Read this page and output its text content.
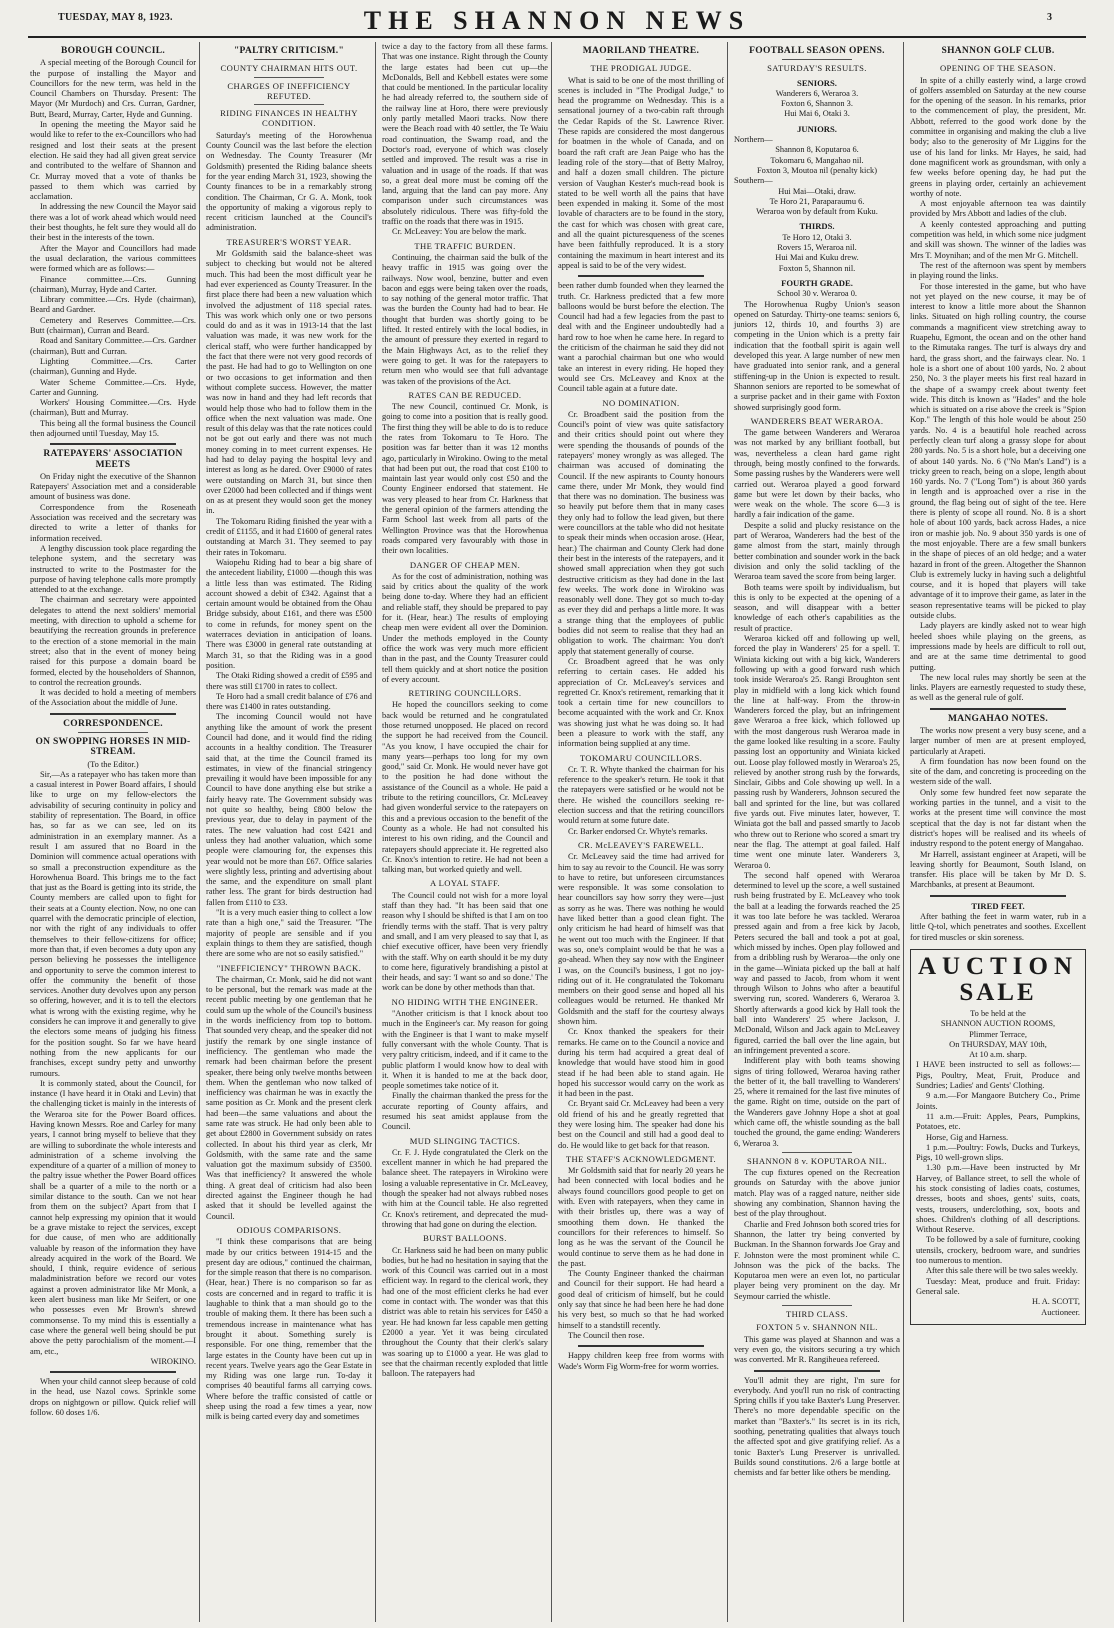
TUESDAY, MAY 8, 1923.	THE SHANNON NEWS	3
BOROUGH COUNCIL.

A special meeting of the Borough Council for the purpose of installing the Mayor and Councillors for the new term, was held in the Council Chambers on Thursday. Present: The Mayor (Mr Murdoch) and Crs. Curran, Gardner, Butt, Beard, Murray, Carter, Hyde and Gunning.

In opening the meeting the Mayor said he would like to refer to the ex-Councillors who had resigned and lost their seats at the present election. He said they had all given great service and contributed to the welfare of Shannon and Cr. Murray moved that a vote of thanks be passed to them which was carried by acclamation.

In addressing the new Council the Mayor said there was a lot of work ahead which would need their best thoughts, he felt sure they would all do their best in the interests of the town.

After the Mayor and Councillors had made the usual declaration, the various committees were formed which are as follows:—

Finance committee.—Crs. Gunning (chairman), Murray, Hyde and Carter.

Library committee.—Crs. Hyde (chairman), Beard and Gardner.

Cemetery and Reserves Committee.—Crs. Butt (chairman), Curran and Beard.

Road and Sanitary Committee.—Crs. Gardner (chairman), Butt and Curran.

Lighting Committee.—Crs. Carter (chairman), Gunning and Hyde.

Water Scheme Committee.—Crs. Hyde, Carter and Gunning.

Workers' Housing Committee.—Crs. Hyde (chairman), Butt and Murray.

This being all the formal business the Council then adjourned until Tuesday, May 15.

RATEPAYERS' ASSOCIATION MEETS

On Friday night the executive of the Shannon Ratepayers' Association met and a considerable amount of business was done.

Correspondence from the Roseneath Association was received and the secretary was directed to write a letter of thanks for information received.

A lengthy discussion took place regarding the telephone system, and the secretary was instructed to write to the Postmaster for the purpose of having telephone calls more promptly attended to at the exchange.

The chairman and secretary were appointed delegates to attend the next soldiers' memorial meeting, with direction to uphold a scheme for beautifying the recreation grounds in preference to the erection of a stone memorial in the main street; also that in the event of money being raised for this purpose a domain board be formed, elected by the householders of Shannon, to control the recreation grounds.

It was decided to hold a meeting of members of the Association about the middle of June.

CORRESPONDENCE.
ON SWOPPING HORSES IN MID-STREAM.

(To the Editor.)

Sir,—As a ratepayer who has taken more than a casual interest in Power Board affairs, I should like to urge on my fellow-electors the advisability of securing continuity in policy and stability of representation. The Board, in office has, so far as we can see, led on its administration in an exemplary manner. As a result I am assured that no Board in the Dominion will commence actual operations with so small a preconstruction expenditure as the Horowhenua Board. This brings me to the fact that just as the Board is getting into its stride, the County members are called upon to fight for their seats at a County election. Now, no one can quarrel with the democratic principle of election, nor with the right of any individuals to offer themselves to their fellow-citizens for office; more than that, if even becomes a duty upon any person believing he possesses the intelligence and opportunity to serve the common interest to offer the community the benefit of those services. Another duty devolves upon any person so offering, however, and it is to tell the electors what is wrong with the existing regime, why he considers he can improve it and generally to give the electors some means of judging his fitness for the position sought. So far we have heard nothing from the new applicants for our franchises, except sundry petty and unworthy rumours.

It is commonly stated, about the Council, for instance (I have heard it in Otaki and Levin) that the challenging ticket is mainly in the interests of the Weraroa site for the Power Board offices. Having known Messrs. Roe and Carley for many years, I cannot bring myself to believe that they are willing to subordinate the whole interests and administration of a scheme involving the expenditure of a quarter of a million of money to the paltry issue whether the Power Board offices shall be a quarter of a mile to the north or a similar distance to the south. Can we not hear from them on the subject? Apart from that I cannot help expressing my opinion that it would be a grave mistake to reject the services, except for due cause, of men who are additionally valuable by reason of the information they have already acquired in the work of the Board. We should, I think, require evidence of serious maladministration before we record our votes against a proven administrator like Mr Monk, a keen alert business man like Mr Seifert, or one who possesses even Mr Brown's shrewd commonsense. To my mind this is essentially a case where the general well being should be put above the petty parochialism of the moment.—I am, etc.,

WIROKINO.

When your child cannot sleep because of cold in the head, use Nazol cows. Sprinkle some drops on nightgown or pillow. Quick relief will follow. 60 doses 1/6.

"PALTRY CRITICISM."
COUNTY CHAIRMAN HITS OUT.
CHARGES OF INEFFICIENCY REFUTED.
RIDING FINANCES IN HEALTHY CONDITION.

Saturday's meeting of the Horowhenua County Council was the last before the election on Wednesday. The County Treasurer (Mr Goldsmith) presented the Riding balance sheets for the year ending March 31, 1923, showing the County finances to be in a remarkably strong condition. The Chairman, Cr G. A. Monk, took the opportunity of making a vigorous reply to recent criticism launched at the Council's administration.

TREASURER'S WORST YEAR.

Mr Goldsmith said the balance-sheet was subject to checking but would not be altered much. This had been the most difficult year he had ever experienced as County Treasurer. In the first place there had been a new valuation which involved the adjustment of 118 special rates. This was work which only one or two persons could do and as it was in 1913-14 that the last valuation was made, it was new work for the clerical staff, who were further handicapped by the fact that there were not very good records of the past. He had had to go to Wellington on one or two occasions to get information and then without complete success. However, the matter was now in hand and they had left records that would help those who had to follow them in the office when the next valuation was made. One result of this delay was that the rate notices could not be got out early and there was not much money coming in to meet current expenses. He had had to delay paying the hospital levy and interest as long as he dared. Over £9000 of rates were outstanding on March 31, but since then over £2000 had been collected and if things went on as at present they would soon get the money in.

The Tokomaru Riding finished the year with a credit of £1155, and it had £1600 of general rates outstanding at March 31. They seemed to pay their rates in Tokomaru.

Waiopehu Riding had to bear a big share of the antecedent liability, £1000 —though this was a little less than was estimated. The Riding account showed a debit of £342. Against that a certain amount would be obtained from the Ohau Bridge subsidy, about £161, and there was £500 to come in refunds, for money spent on the waterraces deviation in anticipation of loans. There was £3000 in general rate outstanding at March 31, so that the Riding was in a good position.

The Otaki Riding showed a credit of £595 and there was still £1700 in rates to collect.

Te Horo had a small credit balance of £76 and there was £1400 in rates outstanding.

The incoming Council would not have anything like the amount of work the present Council had done, and it would find the riding accounts in a healthy condition. The Treasurer said that, at the time the Council framed its estimates, in view of the financial stringency prevailing it would have been impossible for any Council to have done anything else but strike a fairly heavy rate. The Government subsidy was not quite so healthy, being £800 below the previous year, due to delay in payment of the rates. The new valuation had cost £421 and unless they had another valuation, which some people were clamouring for, the expenses this year would not be more than £67. Office salaries were slightly less, printing and advertising about the same, and the expenditure on small plant rather less. The grant for birds destruction had fallen from £110 to £33.

"It is a very much easier thing to collect a low rate than a high one," said the Treasurer. "The majority of people are sensible and if you explain things to them they are satisfied, though there are some who are not so easily satisfied."

"INEFFICIENCY" THROWN BACK.

The chairman, Cr. Monk, said he did not want to be personal, but the remark was made at the recent public meeting by one gentleman that he could sum up the whole of the Council's business in the words inefficiency from top to bottom. That sounded very cheap, and the speaker did not justify the remark by one single instance of inefficiency. The gentleman who made the remark had been chairman before the present speaker, there being only twelve months between them. When the gentleman who now talked of inefficiency was chairman he was in exactly the same position as Cr. Monk and the present clerk had been—the same valuations and about the same rate was struck. He had only been able to get about £2800 in Government subsidy on rates collected. In about his third year as clerk, Mr Goldsmith, with the same rate and the same valuation got the maximum subsidy of £3500. Was that inefficiency? It answered the whole thing. A great deal of criticism had also been directed against the Engineer though he had asked that it should be levelled against the Council.

ODIOUS COMPARISONS.

"I think these comparisons that are being made by our critics between 1914-15 and the present day are odious," continued the chairman, for the simple reason that there is no comparison. (Hear, hear.) There is no comparison so far as costs are concerned and in regard to traffic it is laughable to think that a man should go to the trouble of making them. It there has been such a tremendous increase in maintenance what has brought it about. Something surely is responsible. For one thing, remember that the large estates in the County have been cut up in recent years. Twelve years ago the Gear Estate in my Riding was one large run. To-day it comprises 40 beautiful farms all carrying cows. Where before the traffic consisted of cattle or sheep using the road a few times a year, now milk is being carted every day and sometimes

twice a day to the factory from all these farms. That was one instance. Right through the County the large estates had been cut up—the McDonalds, Bell and Kebbell estates were some that could be mentioned. In the particular locality he had already referred to, the southern side of the railway line at Horo, there were previously only partly metalled Maori tracks. Now there were the Beach road with 40 settler, the Te Waiu road continuation, the Swamp road, and the Doctor's road, everyone of which was closely settled and improved. The result was a rise in valuation and in usage of the roads. If that was so, a great deal more must be coming off the land, arguing that the land can pay more. Any comparison under such circumstances was absolutely ridiculous. There was fifty-fold the traffic on the roads that there was in 1915.

Cr. McLeavey: You are below the mark.

THE TRAFFIC BURDEN.

Continuing, the chairman said the bulk of the heavy traffic in 1915 was going over the railways. Now wool, benzine, butter and even bacon and eggs were being taken over the roads, to say nothing of the general motor traffic. That was the burden the County had had to bear. He thought that burden was shortly going to be lifted. It rested entirely with the local bodies, in the amount of pressure they exerted in regard to the Main Highways Act, as to the relief they were going to get. It was for the ratepayers to return men who would see that full advantage was taken of the provisions of the Act.

RATES CAN BE REDUCED.

The new Council, continued Cr. Monk, is going to come into a position that is really good. The first thing they will be able to do is to reduce the rates from Tokomaru to Te Horo. The position was far better than it was 12 months ago, particularly in Wirokino. Owing to the metal that had been put out, the road that cost £100 to maintain last year would only cost £50 and the County Engineer endorsed that statement. He was very pleased to hear from Cr. Harkness that the general opinion of the farmers attending the Farm School last week from all parts of the Wellington Province was that the Horowhenua roads compared very favourably with those in their own localities.

DANGER OF CHEAP MEN.

As for the cost of administration, nothing was said by critics about the quality of the work being done to-day. Where they had an efficient and reliable staff, they should be prepared to pay for it. (Hear, hear.) The results of employing cheap men were evident all over the Dominion. Under the methods employed in the County office the work was very much more efficient than in the past, and the County Treasurer could tell them quickly and at short notice the position of every account.

RETIRING COUNCILLORS.

He hoped the councillors seeking to come back would be returned and he congratulated those returned unopposed. He placed on record the support he had received from the Council. "As you know, I have occupied the chair for many years—perhaps too long for my own good," said Cr. Monk. He would never have got to the position he had done without the assistance of the Council as a whole. He paid a tribute to the retiring councillors, Cr. McLeavey had given wonderful service to the ratepayers on this and a previous occasion to the benefit of the County as a whole. He had not consulted his interest to his own riding, and the Council and ratepayers should appreciate it. He regretted also Cr. Knox's intention to retire. He had not been a talking man, but worked quietly and well.

A LOYAL STAFF.

The Council could not wish for a more loyal staff than they had. "It has been said that one reason why I should be shifted is that I am on too friendly terms with the staff. That is very paltry and small, and I am very pleased to say that I, as chief executive officer, have been very friendly with the staff. Why on earth should it be my duty to come here, figuratively brandishing a pistol at their heads, and say: 'I want so and so done.' The work can be done by other methods than that.

NO HIDING WITH THE ENGINEER.

"Another criticism is that I knock about too much in the Engineer's car. My reason for going with the Engineer is that I want to make myself fully conversant with the whole County. That is very paltry criticism, indeed, and if it came to the public platform I would know how to deal with it. When it is handed to me at the back door, people sometimes take notice of it.

Finally the chairman thanked the press for the accurate reporting of County affairs, and resumed his seat amidst applause from the Council.

MUD SLINGING TACTICS.

Cr. F. J. Hyde congratulated the Clerk on the excellent manner in which he had prepared the balance sheet. The ratepayers in Wirokino were losing a valuable representative in Cr. McLeavey, though the speaker had not always rubbed noses with him at the Council table. He also regretted Cr. Knox's retirement, and deprecated the mud-throwing that had gone on during the election.

BURST BALLOONS.

Cr. Harkness said he had been on many public bodies, but he had no hesitation in saying that the work of this Council was carried out in a most efficient way. In regard to the clerical work, they had one of the most efficient clerks he had ever come in contact with. The wonder was that this district was able to retain his services for £450 a year. He had known far less capable men getting £2000 a year. Yet it was being circulated throughout the County that their clerk's salary was soaring up to £1000 a year. He was glad to see that the chairman recently exploded that little balloon. The ratepayers had

MAORILAND THEATRE.
THE PRODIGAL JUDGE.

What is said to be one of the most thrilling of scenes is included in "The Prodigal Judge," to head the programme on Wednesday. This is a sensational journey of a two-cabin raft through the Cedar Rapids of the St. Lawrence River. These rapids are considered the most dangerous for boatmen in the whole of Canada, and on board the raft craft are Jean Paige who has the leading role of the story—that of Betty Malroy, and half a dozen small children. The picture version of Vaughan Kester's much-read book is stated to be well worth all the pains that have been expended in making it. Some of the most lovable of characters are to be found in the story, the cast for which was chosen with great care, and all the quaint picturesqueness of the scenes have been faithfully reproduced. It is a story containing the maximum in heart interest and its appeal is said to be of the very widest.

been rather dumb founded when they learned the truth. Cr. Harkness predicted that a few more balloons would be burst before the election. The Council had had a few legacies from the past to deal with and the Engineer undoubtedly had a hard row to hoe when he came here. In regard to the criticism of the chairman he said they did not want a parochial chairman but one who would take an interest in every riding. He hoped they would see Crs. McLeavey and Knox at the Council table again at a future date.

NO DOMINATION.

Cr. Broadbent said the position from the Council's point of view was quite satisfactory and their critics should point out where they were spending the thousands of pounds of the ratepayers' money wrongly as was alleged. The chairman was accused of dominating the Council. If the new aspirants to County honours came there, under Mr Monk, they would find that there was no domination. The business was so heavily put before them that in many cases they only had to follow the lead given, but there were councillors at the table who did not hesitate to speak their minds when occasion arose. (Hear, hear.) The chairman and County Clerk had done their best in the interests of the ratepayers, and it showed small appreciation when they got such destructive criticism as they had done in the last few weeks. The work done in Wirokino was reasonably well done. They got so much to-day as ever they did and perhaps a little more. It was a strange thing that the employees of public bodies did not seem to realise that they had an obligation to work. The chairman: You don't apply that statement generally of course.

Cr. Broadbent agreed that he was only referring to certain cases. He added his appreciation of Cr. McLeavey's services and regretted Cr. Knox's retirement, remarking that it took a certain time for new councillors to become acquainted with the work and Cr. Knox was showing just what he was doing so. It had been a pleasure to work with the staff, any information being supplied at any time.

TOKOMARU COUNCILLORS.

Cr. T. R. Whyte thanked the chairman for his reference to the speaker's return. He took it that the ratepayers were satisfied or he would not be there. He wished the councillors seeking re-election success and that the retiring councillors would return at some future date.

Cr. Barker endorsed Cr. Whyte's remarks.

CR. McLEAVEY'S FAREWELL.

Cr. McLeavey said the time had arrived for him to say au revoir to the Council. He was sorry to have to retire, but unforeseen circumstances were responsible. It was some consolation to hear councillors say how sorry they were—just as sorry as he was. There was nothing he would have liked better than a good clean fight. The only criticism he had heard of himself was that he went out too much with the Engineer. If that was so, one's complaint would be that he was a go-ahead. When they say now with the Engineer I was, on the Council's business, I got no joy-riding out of it. He congratulated the Tokomaru members on their good sense and hoped all his colleagues would be returned. He thanked Mr Goldsmith and the staff for the courtesy always shown him.

Cr. Knox thanked the speakers for their remarks. He came on to the Council a novice and during his term had acquired a great deal of knowledge that would have stood him in good stead if he had been able to stand again. He hoped his successor would carry on the work as it had been in the past.

Cr. Bryant said Cr. McLeavey had been a very old friend of his and he greatly regretted that they were losing him. The speaker had done his best on the Council and still had a good deal to do. He would like to get back for that reason.

THE STAFF'S ACKNOWLEDGMENT.

Mr Goldsmith said that for nearly 20 years he had been connected with local bodies and he always found councillors good people to get on with. Even with ratepayers, when they came in with their bristles up, there was a way of smoothing them down. He thanked the councillors for their references to himself. So long as he was the servant of the Council he would continue to serve them as he had done in the past.

The County Engineer thanked the chairman and Council for their support. He had heard a good deal of criticism of himself, but he could only say that since he had been here he had done his very best, so much so that he had worked himself to a standstill recently.

The Council then rose.

Happy children keep free from worms with Wade's Worm Fig Worm-free for worm worries.

FOOTBALL SEASON OPENS.
SATURDAY'S RESULTS.
SENIORS.

Wanderers 6, Weraroa 3.

Foxton 6, Shannon 3.

Hui Mai 6, Otaki 3.

JUNIORS.

Northern—

Shannon 8, Koputaroa 6.

Tokomaru 6, Mangahao nil.

Foxton 3, Moutoa nil (penalty kick)

Southern—

Hui Mai—Otaki, draw.

Te Horo 21, Paraparaumu 6.

Weraroa won by default from Kuku.

THIRDS.

Te Horo 12, Otaki 3.

Rovers 15, Weraroa nil.

Hui Mai and Kuku drew.

Foxton 5, Shannon nil.

FOURTH GRADE.

School 30 v. Weraroa 0.

The Horowhenua Rugby Union's season opened on Saturday. Thirty-one teams: seniors 6, juniors 12, thirds 10, and fourths 3) are competing in the Union which is a pretty fair indication that the football spirit is again well developed this year. A large number of new men have graduated into senior rank, and a general stiffening-up in the Union is expected to result. Shannon seniors are reported to be somewhat of a surprise packet and in their game with Foxton showed surprisingly good form.

WANDERERS BEAT WERAROA.

The game between Wanderers and Weraroa was not marked by any brilliant football, but was, nevertheless a clean hard game right through, being mostly confined to the forwards. Some passing rushes by the Wanderers were well carried out. Weraroa played a good forward game but were let down by their backs, who were weak on the whole. The score 6—3 is hardly a fair indication of the game.

Despite a solid and plucky resistance on the part of Weraroa, Wanderers had the best of the game almost from the start, mainly through better combination and sounder work in the back division and only the solid tackling of the Weraroa team saved the score from being larger.

Both teams were spoilt by individualism, but this is only to be expected at the opening of a season, and will disappear with a better knowledge of each other's capabilities as the result of practice.

Weraroa kicked off and following up well, forced the play in Wanderers' 25 for a spell. T. Winiata kicking out with a big kick, Wanderers following up with a good forward rush which took inside Weraroa's 25. Rangi Broughton sent play in midfield with a long kick which found the line at half-way. From the throw-in Wanderers forced the play, but an infringement gave Weraroa a free kick, which followed up with the most dangerous rush Weraroa made in the game looked like resulting in a score. Faulty passing lost an opportunity and Winiata kicked out. Loose play followed mostly in Weraroa's 25, relieved by another strong rush by the forwards, Sinclair, Gibbs and Cole showing up well. In a passing rush by Wanderers, Johnson secured the ball and sprinted for the line, but was collared five yards out. Five minutes later, however, T. Winiata got the ball and passed smartly to Jacob who threw out to Rerione who scored a smart try near the flag. The attempt at goal failed. Half time went one minute later. Wanderers 3, Weraroa 0.

The second half opened with Weraroa determined to level up the score, a well sustained rush being frustrated by E. McLeavey who took the ball at a leading the forwards reached the 25 it was too late before he was tackled. Weraroa pressed again and from a free kick by Jacob, Peters secured the ball and took a pot at goal, which missed by inches. Open play followed and from a dribbling rush by Weraroa—the only one in the game—Winiata picked up the ball at half way and passed to Jacob, from whom it went through Wilson to Johns who after a beautiful swerving run, scored. Wanderers 6, Weraroa 3. Shortly afterwards a good kick by Hall took the ball into Wanderers' 25 where Jackson, J. McDonald, Wilson and Jack again to McLeavey figured, carried the ball over the line again, but an infringement prevented a score.

Indifferent play with both teams showing signs of tiring followed, Weraroa having rather the better of it, the ball travelling to Wanderers' 25, where it remained for the last five minutes of the game. Right on time, outside on the part of the Wanderers gave Johnny Hope a shot at goal which came off, the whistle sounding as the ball touched the ground, the game ending: Wanderers 6, Weraroa 3.

SHANNON 8 v. KOPUTAROA NIL.

The cup fixtures opened on the Recreation grounds on Saturday with the above junior match. Play was of a ragged nature, neither side showing any combination, Shannon having the best of the play throughout.

Charlie and Fred Johnson both scored tries for Shannon, the latter try being converted by Buckman. In the Shannon forwards Joe Gray and F. Johnston were the most prominent while C. Johnson was the pick of the backs. The Koputaroa men were an even lot, no particular player being very prominent on the day. Mr Seymour carried the whistle.

THIRD CLASS.
FOXTON 5 v. SHANNON NIL.

This game was played at Shannon and was a very even go, the visitors securing a try which was converted. Mr R. Rangiheuea refereed.

You'll admit they are right, I'm sure for everybody. And you'll run no risk of contracting Spring chills if you take Baxter's Lung Preserver. There's no more dependable specific on the market than "Baxter's." Its secret is in its rich, soothing, penetrating qualities that always touch the affected spot and give gratifying relief. As a tonic Baxter's Lung Preserver is unrivalled. Builds sound constitutions. 2/6 a large bottle at chemists and far better like others be mending.

SHANNON GOLF CLUB.
OPENING OF THE SEASON.

In spite of a chilly easterly wind, a large crowd of golfers assembled on Saturday at the new course for the opening of the season. In his remarks, prior to the commencement of play, the president, Mr. Abbott, referred to the good work done by the committee in organising and making the club a live body; also to the generosity of Mr Liggins for the use of his land for links. Mr Hayes, he said, had done magnificent work as groundsman, with only a few weeks before opening day, he had put the greens in playing order, certainly an achievement worthy of note.

A most enjoyable afternoon tea was daintily provided by Mrs Abbott and ladies of the club.

A keenly contested approaching and putting competition was held, in which some nice judgment and skill was shown. The winner of the ladies was Mrs T. Moynihan; and of the men Mr G. Mitchell.

The rest of the afternoon was spent by members in playing round the links.

For those interested in the game, but who have not yet played on the new course, it may be of interest to know a little more about the Shannon links. Situated on high rolling country, the course commands a magnificent view stretching away to Ruapehu, Egmont, the ocean and on the other hand to the Rimutaka ranges. The turf is always dry and hard, the grass short, and the fairways clear. No. 1 hole is a short one of about 100 yards, No. 2 about 250, No. 3 the player meets his first real hazard in the shape of a swampy creek about twenty feet wide. This ditch is known as "Hades" and the hole which is situated on a rise above the creek is "Spion Kop." The length of this hole would be about 250 yards. No. 4 is a beautiful hole reached across perfectly clean turf along a grassy slope for about 280 yards. No. 5 is a short hole, but a deceiving one of about 140 yards. No. 6 ("No Man's Land") is a tricky green to reach, being on a slope, length about 160 yards. No. 7 ("Long Tom") is about 360 yards in length and is approached over a rise in the ground, the flag being out of sight of the tee. Here there is plenty of scope all round. No. 8 is a short hole of about 100 yards, back across Hades, a nice iron or mashie job. No. 9 about 350 yards is one of the most enjoyable. There are a few small bunkers in the shape of pieces of an old hedge; and a water hazard in front of the green. Altogether the Shannon Club is extremely lucky in having such a delightful course, and it is hoped that players will take advantage of it to improve their game, as later in the season representative teams will be picked to play outside clubs.

Lady players are kindly asked not to wear high heeled shoes while playing on the greens, as impressions made by heels are difficult to roll out, and are at the same time detrimental to good putting.

The new local rules may shortly be seen at the links. Players are earnestly requested to study these, as well as the general rule of golf.

MANGAHAO NOTES.

The works now present a very busy scene, and a larger number of men are at present employed, particularly at Arapeti.

A firm foundation has now been found on the site of the dam, and concreting is proceeding on the western side of the wall.

Only some few hundred feet now separate the working parties in the tunnel, and a visit to the works at the present time will convince the most sceptical that the day is not far distant when the district's hopes will be realised and its wheels of industry respond to the potent energy of Mangahao.

Mr Harrell, assistant engineer at Arapeti, will be leaving shortly for Beaumont, South Island, on transfer. His place will be taken by Mr D. S. Marchbanks, at present at Beaumont.

TIRED FEET.

After bathing the feet in warm water, rub in a little Q-tol, which penetrates and soothes. Excellent for tired muscles or skin soreness.

AUCTION
SALE

To be held at the

SHANNON AUCTION ROOMS,

Plimmer Terrace,

On THURSDAY, MAY 10th,

At 10 a.m. sharp.

I HAVE been instructed to sell as follows:—Pigs, Poultry, Meat, Fruit, Produce and Sundries; Ladies' and Gents' Clothing.

9 a.m.—For Mangaore Butchery Co., Prime Joints.

11 a.m.—Fruit: Apples, Pears, Pumpkins, Potatoes, etc.

Horse, Gig and Harness.

1 p.m.—Poultry: Fowls, Ducks and Turkeys, Pigs, 10 well-grown slips.

1.30 p.m.—Have been instructed by Mr Harvey, of Ballance street, to sell the whole of his stock consisting of ladies coats, costumes, dresses, boots and shoes, gents' suits, coats, vests, trousers, underclothing, sox, boots and shoes. Children's clothing of all descriptions. Without Reserve.

To be followed by a sale of furniture, cooking utensils, crockery, bedroom ware, and sundries too numerous to mention.

After this sale there will be two sales weekly.

Tuesday: Meat, produce and fruit. Friday: General sale.

H. A. SCOTT,

Auctioneer.
